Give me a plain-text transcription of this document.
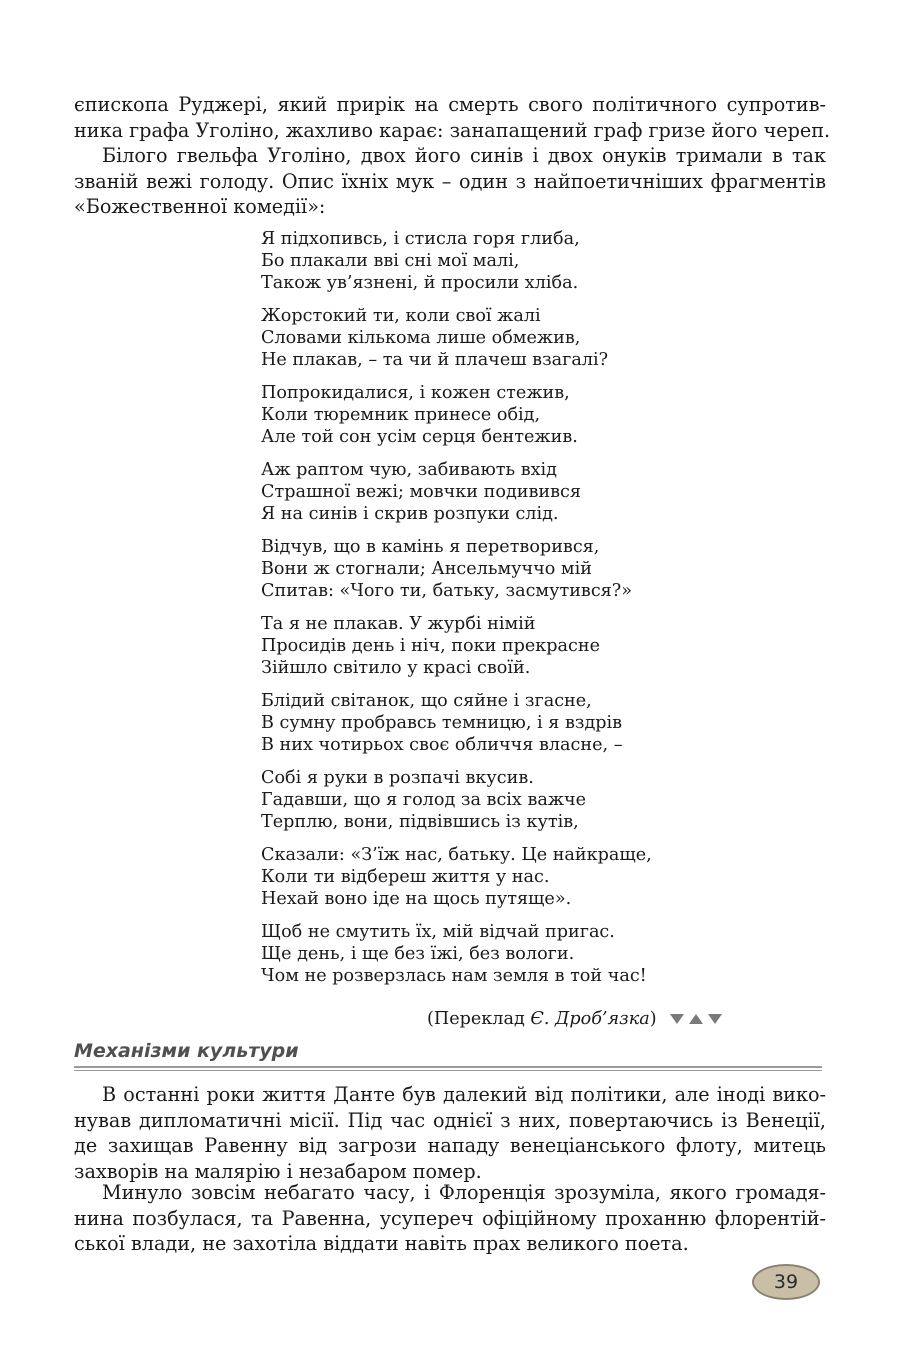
єпископа Руджері, який прирік на смерть свого політичного супротив-
ника графа Уголіно, жахливо карає: занапащений граф гризе його череп.
Білого гвельфа Уголіно, двох його синів і двох онуків тримали в так
званій вежі голоду. Опис їхніх мук – один з найпоетичніших фрагментів
«Божественної комедії»:
Я підхопивсь, і стисла горя глиба,
Бо плакали вві сні мої малі,
Також ув’язнені, й просили хліба.
Жорстокий ти, коли свої жалі
Словами кількома лише обмежив,
Не плакав, – та чи й плачеш взагалі?
Попрокидалися, і кожен стежив,
Коли тюремник принесе обід,
Але той сон усім серця бентежив.
Аж раптом чую, забивають вхід
Страшної вежі; мовчки подивився
Я на синів і скрив розпуки слід.
Відчув, що в камінь я перетворився,
Вони ж стогнали; Ансельмуччо мій
Спитав: «Чого ти, батьку, засмутився?»
Та я не плакав. У журбі німій
Просидів день і ніч, поки прекрасне
Зійшло світило у красі своїй.
Блідий світанок, що сяйне і згасне,
В сумну пробравсь темницю, і я вздрів
В них чотирьох своє обличчя власне, –
Собі я руки в розпачі вкусив.
Гадавши, що я голод за всіх важче
Терплю, вони, підвівшись із кутів,
Сказали: «З’їж нас, батьку. Це найкраще,
Коли ти відбереш життя у нас.
Нехай воно іде на щось путяще».
Щоб не смутить їх, мій відчай пригас.
Ще день, і ще без їжі, без вологи.
Чом не розверзлась нам земля в той час!
(Переклад Є. Дроб’язка)
Механізми культури
В останні роки життя Данте був далекий від політики, але іноді вико-
нував дипломатичні місії. Під час однієї з них, повертаючись із Венеції,
де захищав Равенну від загрози нападу венеціанського флоту, митець
захворів на малярію і незабаром помер.
Минуло зовсім небагато часу, і Флоренція зрозуміла, якого громадя-
нина позбулася, та Равенна, усупереч офіційному проханню флорентій-
ської влади, не захотіла віддати навіть прах великого поета.
39
